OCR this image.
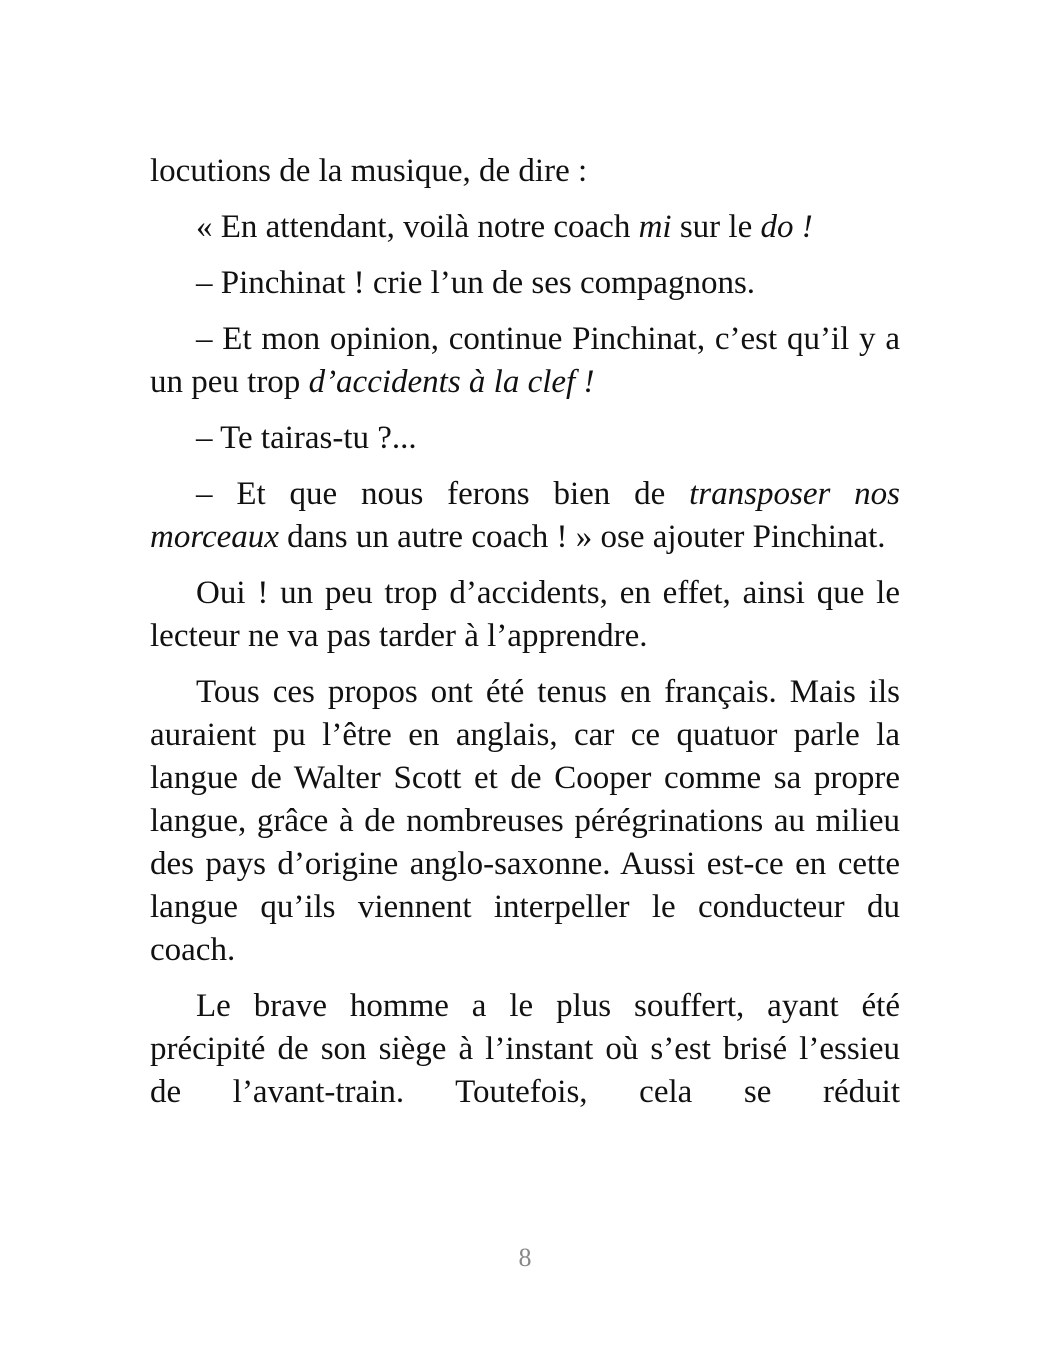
locutions de la musique, de dire :

« En attendant, voilà notre coach mi sur le do !

– Pinchinat ! crie l’un de ses compagnons.

– Et mon opinion, continue Pinchinat, c’est qu’il y a un peu trop d’accidents à la clef !

– Te tairas-tu ?...

– Et que nous ferons bien de transposer nos morceaux dans un autre coach ! » ose ajouter Pinchinat.

Oui ! un peu trop d’accidents, en effet, ainsi que le lecteur ne va pas tarder à l’apprendre.

Tous ces propos ont été tenus en français. Mais ils auraient pu l’être en anglais, car ce quatuor parle la langue de Walter Scott et de Cooper comme sa propre langue, grâce à de nombreuses pérégrinations au milieu des pays d’origine anglo-saxonne. Aussi est-ce en cette langue qu’ils viennent interpeller le conducteur du coach.

Le brave homme a le plus souffert, ayant été précipité de son siège à l’instant où s’est brisé l’essieu de l’avant-train. Toutefois, cela se réduit

8
